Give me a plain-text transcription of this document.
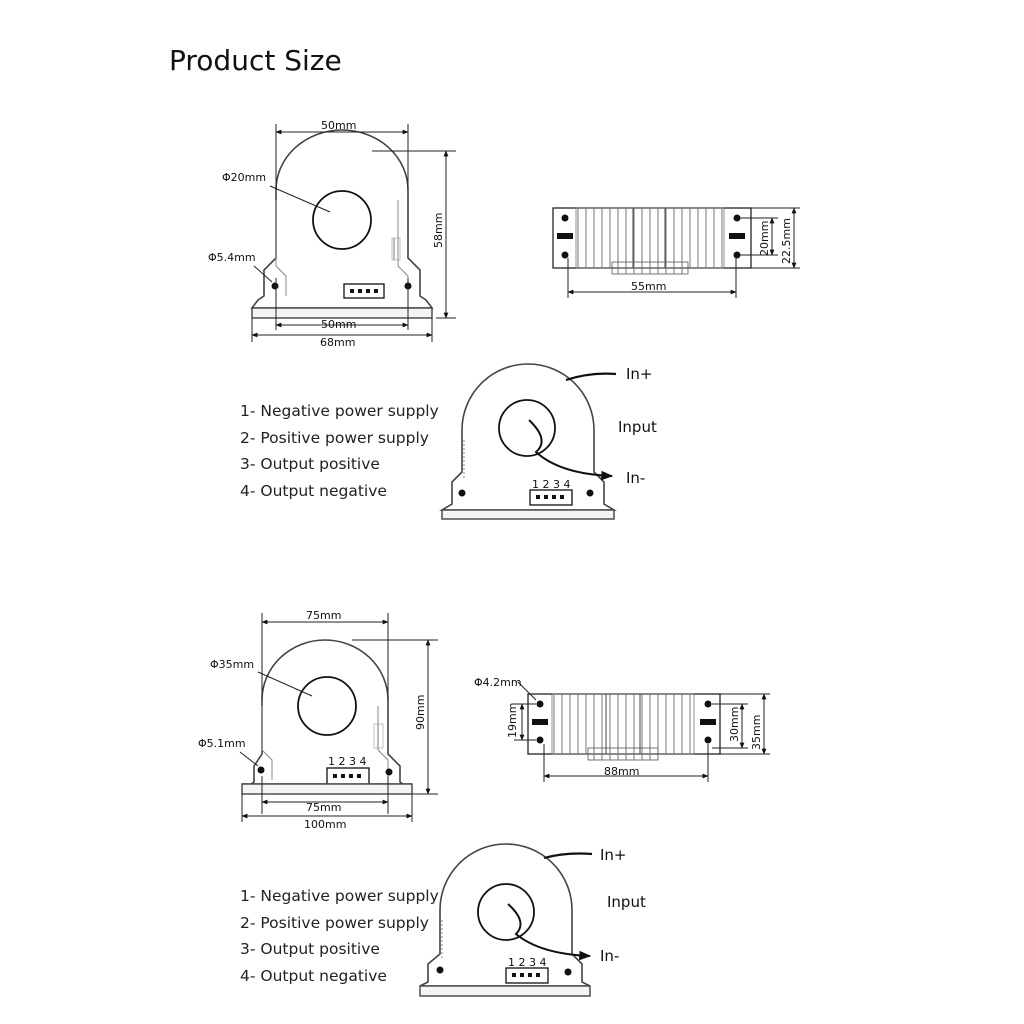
Product Size
50mm
58mm
Φ20mm
Φ5.4mm
50mm
68mm
55mm
20mm 22.5mm
1 2 3 4
In+
Input
In-
1 2 3 4
75mm
90mm
Φ35mm
Φ5.1mm
75mm
100mm
Φ4.2mm
19mm
88mm
30mm 35mm
1 2 3 4
In+
Input
In-
1- Negative power supply
2- Positive power supply
3- Output positive
4- Output negative
1- Negative power supply
2- Positive power supply
3- Output positive
4- Output negative
